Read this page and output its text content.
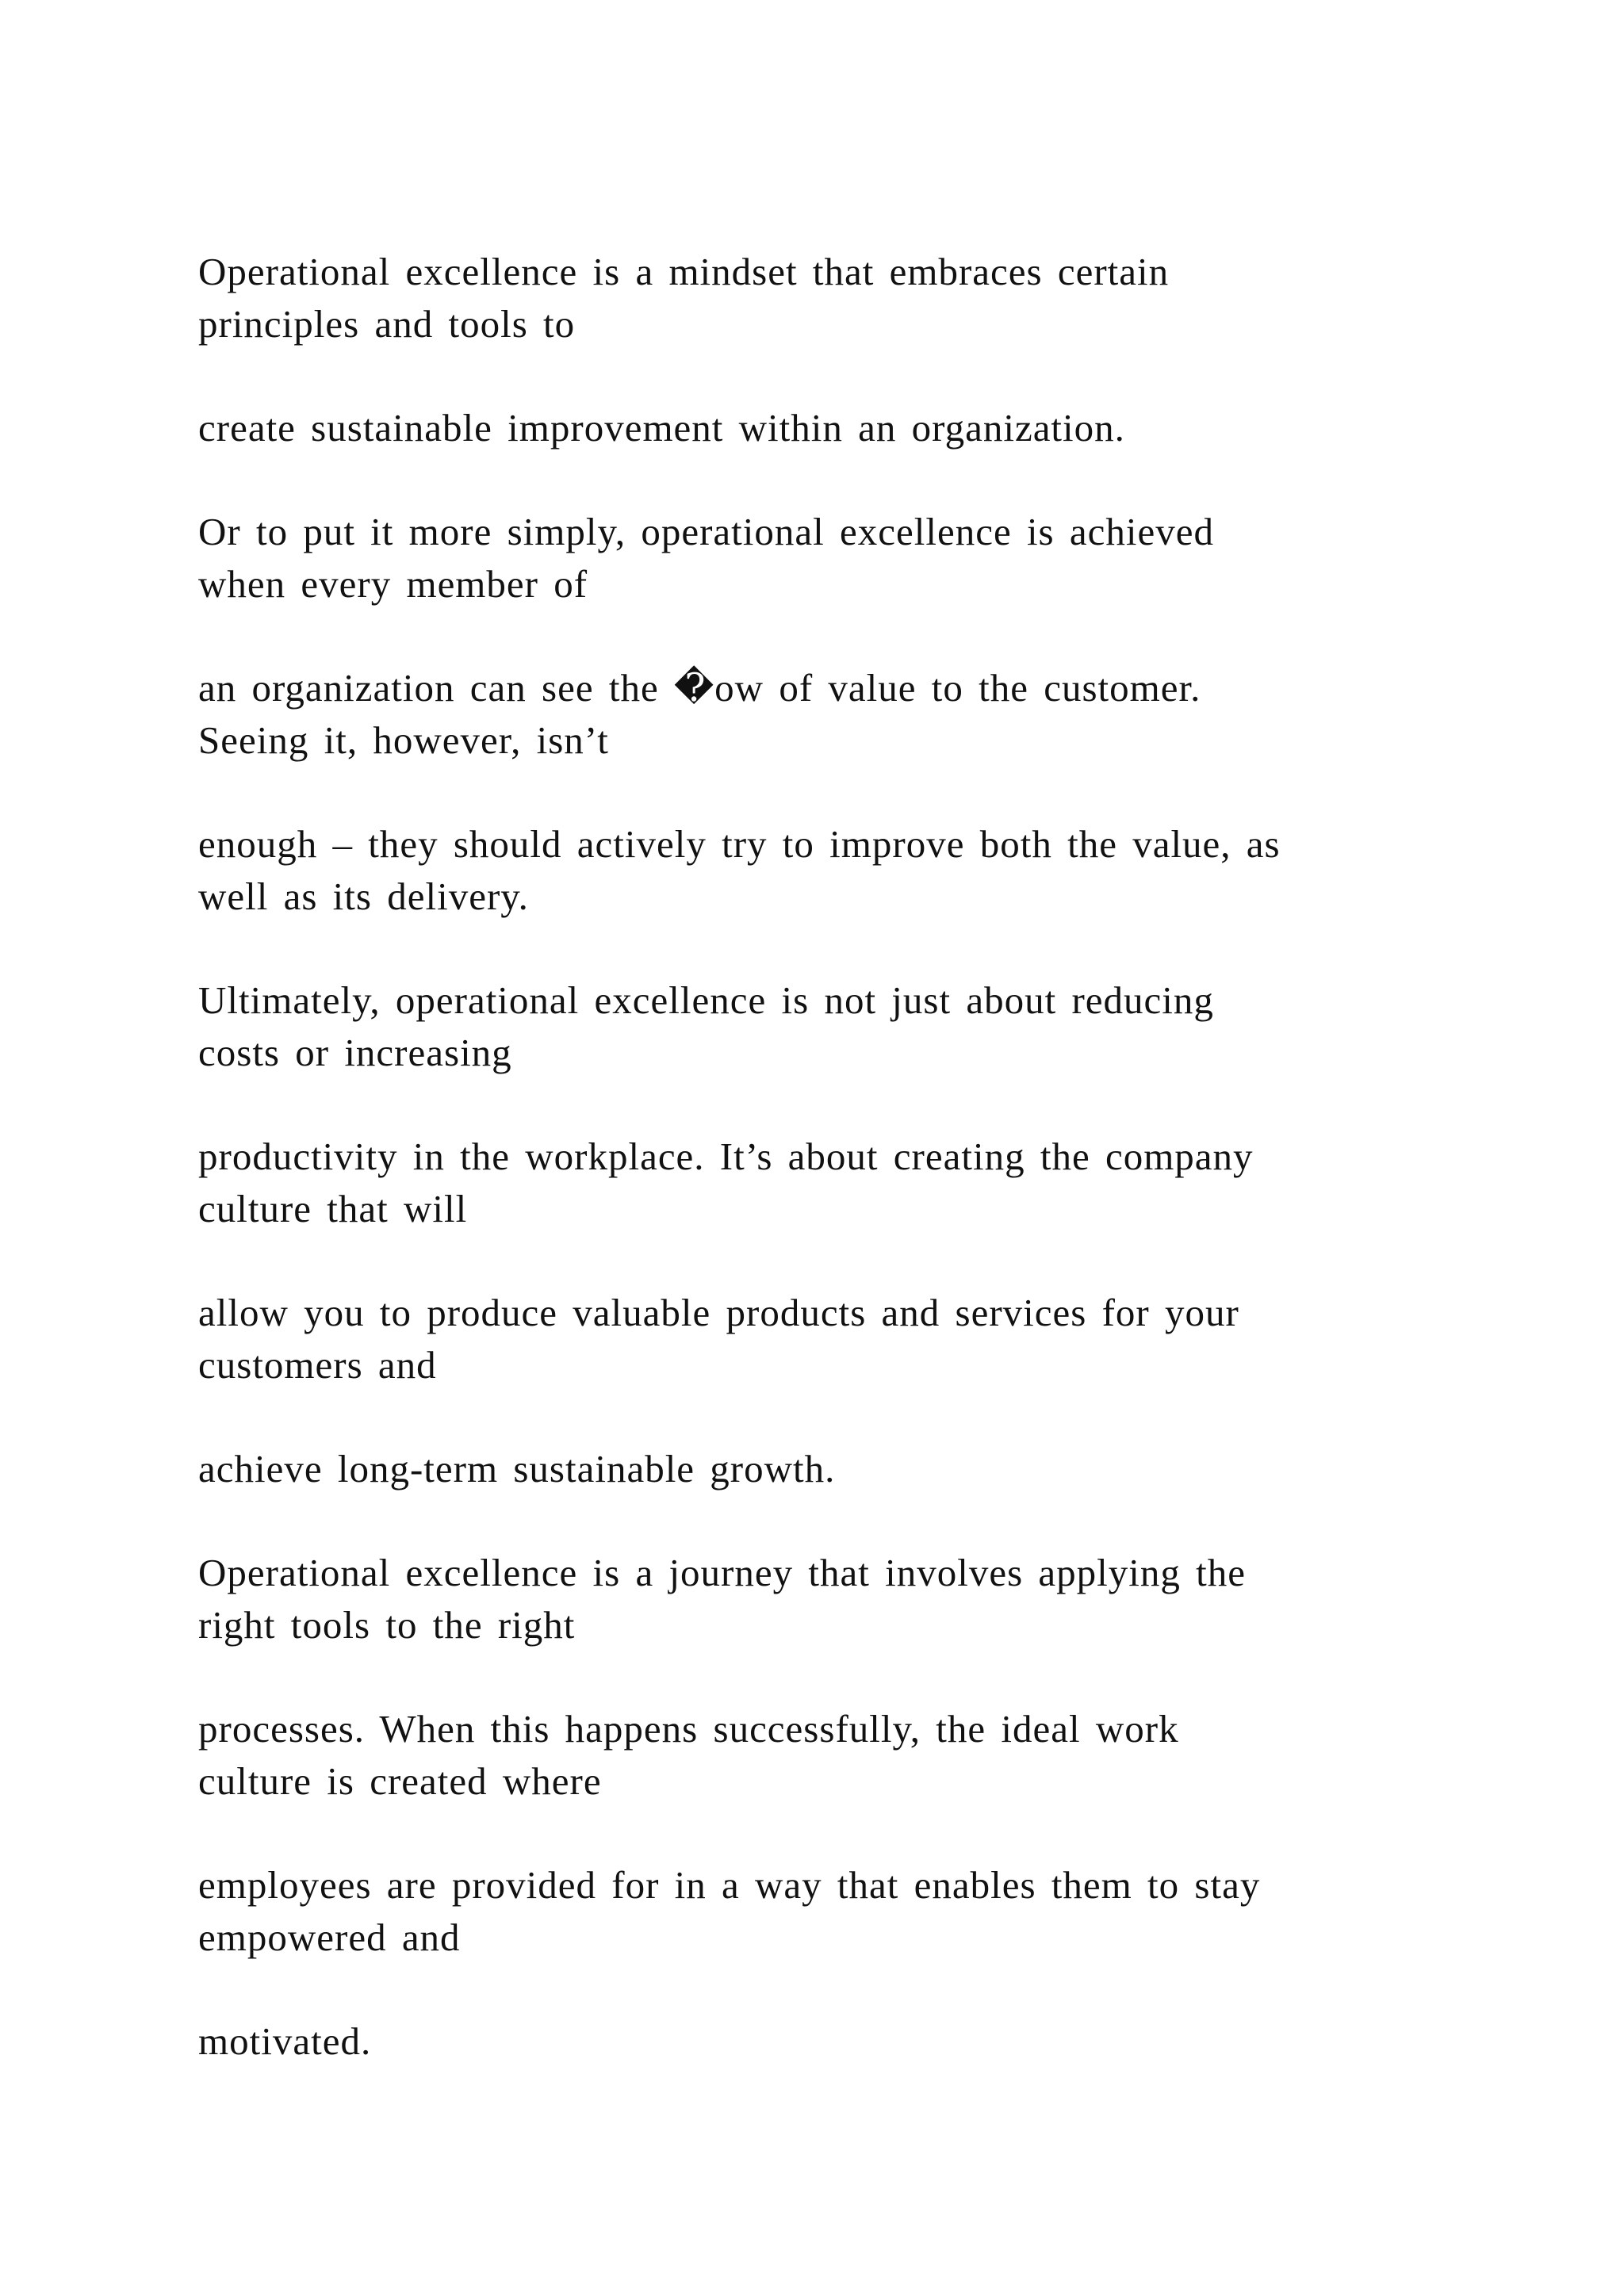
Operational excellence is a mindset that embraces certain
principles and tools to

create sustainable improvement within an organization.

Or to put it more simply, operational excellence is achieved
when every member of

an organization can see the �ow of value to the customer.
Seeing it, however, isn’t

enough – they should actively try to improve both the value, as
well as its delivery.

Ultimately, operational excellence is not just about reducing
costs or increasing

productivity in the workplace. It’s about creating the company
culture that will

allow you to produce valuable products and services for your
customers and

achieve long-term sustainable growth.

Operational excellence is a journey that involves applying the
right tools to the right

processes. When this happens successfully, the ideal work
culture is created where

employees are provided for in a way that enables them to stay
empowered and

motivated.
